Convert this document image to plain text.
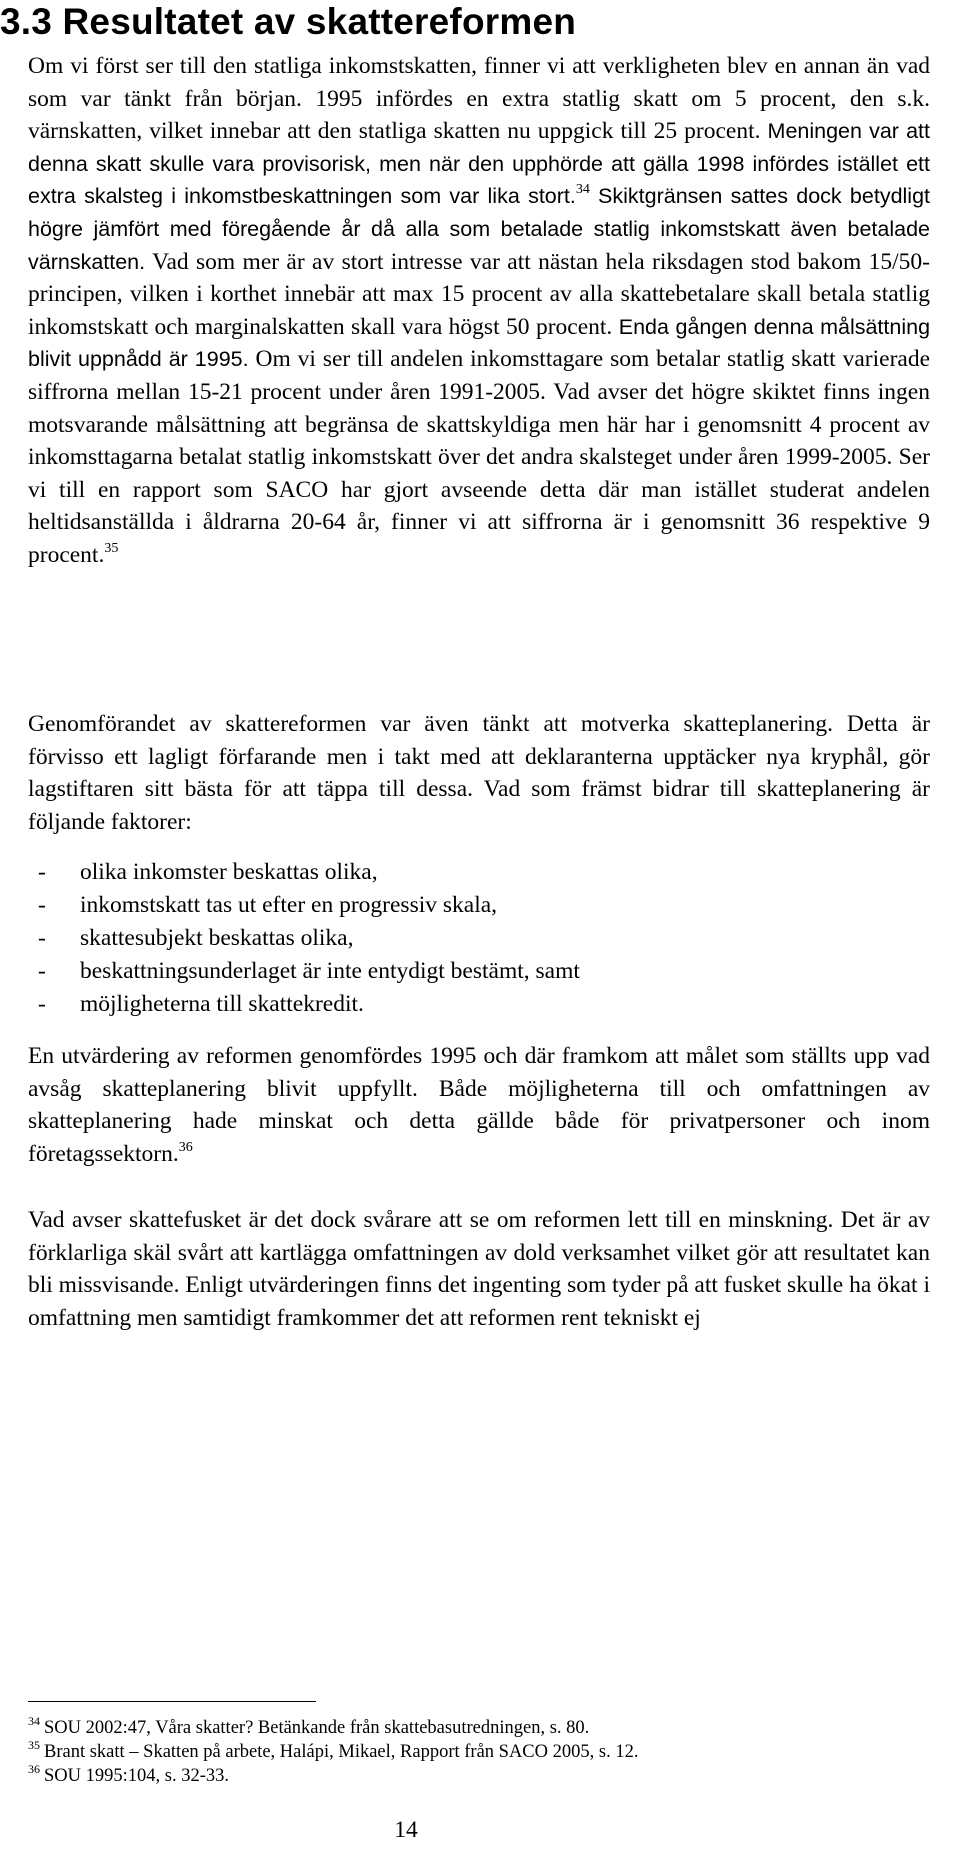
3.3 Resultatet av skattereformen

Om vi först ser till den statliga inkomstskatten, finner vi att verkligheten blev en annan än vad som var tänkt från början. 1995 infördes en extra statlig skatt om 5 procent, den s.k. värnskatten, vilket innebar att den statliga skatten nu uppgick till 25 procent. Meningen var att denna skatt skulle vara provisorisk, men när den upphörde att gälla 1998 infördes istället ett extra skalsteg i inkomstbeskattningen som var lika stort.$^{34}$ Skiktgränsen sattes dock betydligt högre jämfört med föregående år då alla som betalade statlig inkomstskatt även betalade värnskatten. Vad som mer är av stort intresse var att nästan hela riksdagen stod bakom 15/50-principen, vilken i korthet innebär att max 15 procent av alla skattebetalare skall betala statlig inkomstskatt och marginalskatten skall vara högst 50 procent. Enda gången denna målsättning blivit uppnådd är 1995. Om vi ser till andelen inkomsttagare som betalar statlig skatt varierade siffrorna mellan 15-21 procent under åren 1991-2005. Vad avser det högre skiktet finns ingen motsvarande målsättning att begränsa de skattskyldiga men här har i genomsnitt 4 procent av inkomsttagarna betalat statlig inkomstskatt över det andra skalsteget under åren 1999-2005. Ser vi till en rapport som SACO har gjort avseende detta där man istället studerat andelen heltidsanställda i åldrarna 20-64 år, finner vi att siffrorna är i genomsnitt 36 respektive 9 procent.$^{35}$

Genomförandet av skattereformen var även tänkt att motverka skatteplanering. Detta är förvisso ett lagligt förfarande men i takt med att deklaranterna upptäcker nya kryphål, gör lagstiftaren sitt bästa för att täppa till dessa. Vad som främst bidrar till skatteplanering är följande faktorer:

- olika inkomster beskattas olika,
- inkomstskatt tas ut efter en progressiv skala,
- skattesubjekt beskattas olika,
- beskattningsunderlaget är inte entydigt bestämt, samt
- möjligheterna till skattekredit.

En utvärdering av reformen genomfördes 1995 och där framkom att målet som ställts upp vad avsåg skatteplanering blivit uppfyllt. Både möjligheterna till och omfattningen av skatteplanering hade minskat och detta gällde både för privatpersoner och inom företagssektorn.$^{36}$

Vad avser skattefusket är det dock svårare att se om reformen lett till en minskning. Det är av förklarliga skäl svårt att kartlägga omfattningen av dold verksamhet vilket gör att resultatet kan bli missvisande. Enligt utvärderingen finns det ingenting som tyder på att fusket skulle ha ökat i omfattning men samtidigt framkommer det att reformen rent tekniskt ej

$^{34}$ SOU 2002:47, Våra skatter? Betänkande från skattebasutredningen, s. 80.
$^{35}$ Brant skatt – Skatten på arbete, Halápi, Mikael, Rapport från SACO 2005, s. 12.
$^{36}$ SOU 1995:104, s. 32-33.
14
